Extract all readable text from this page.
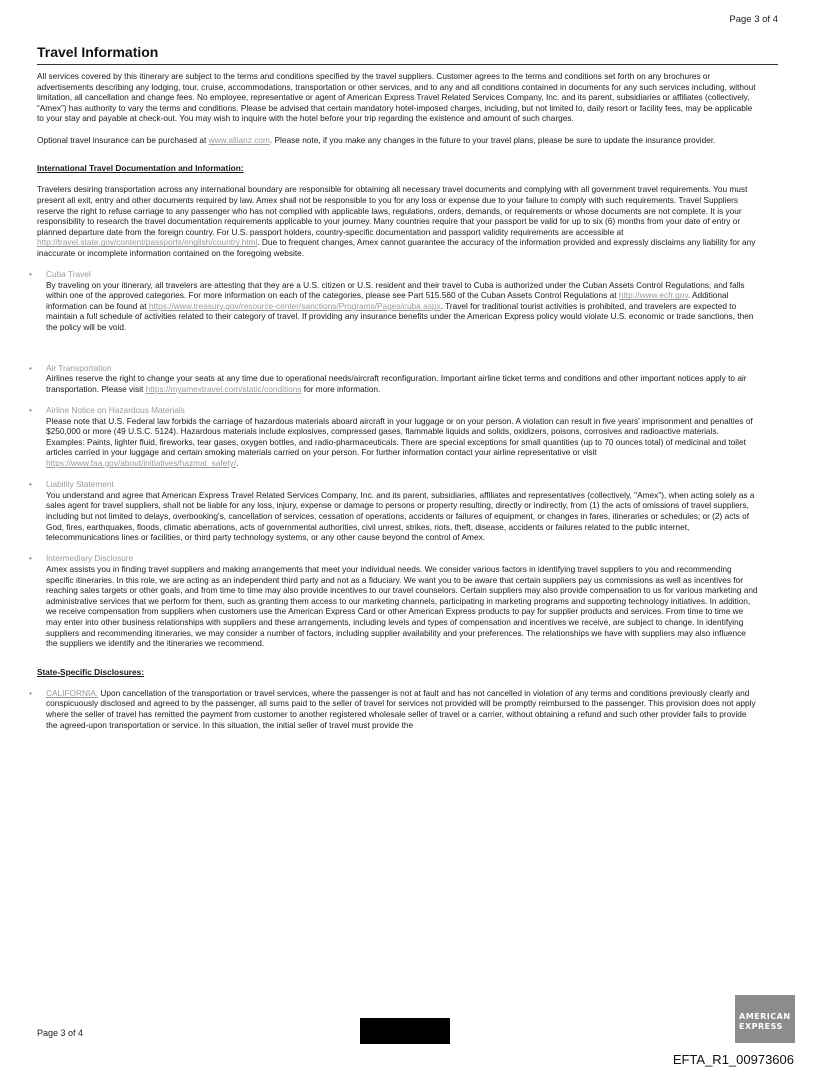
Page 3 of 4
Travel Information

All services covered by this itinerary are subject to the terms and conditions specified by the travel suppliers. Customer agrees to the terms and conditions set forth on any brochures or advertisements describing any lodging, tour, cruise, accommodations, transportation or other services, and to any and all conditions contained in documents for any such services including, without limitation, all cancellation and change fees. No employee, representative or agent of American Express Travel Related Services Company, Inc. and its parent, subsidiaries or affiliates (collectively, “Amex”) has authority to vary the terms and conditions. Please be advised that certain mandatory hotel-imposed charges, including, but not limited to, daily resort or facility fees, may be applicable to your stay and payable at check-out. You may wish to inquire with the hotel before your trip regarding the existence and amount of such charges.

Optional travel insurance can be purchased at www.allianz.com. Please note, if you make any changes in the future to your travel plans, please be sure to update the insurance provider.

International Travel Documentation and Information:

Travelers desiring transportation across any international boundary are responsible for obtaining all necessary travel documents and complying with all government travel requirements. You must present all exit, entry and other documents required by law. Amex shall not be responsible to you for any loss or expense due to your failure to comply with such requirements. Travel Suppliers reserve the right to refuse carriage to any passenger who has not complied with applicable laws, regulations, orders, demands, or requirements or whose documents are not complete. It is your responsibility to research the travel documentation requirements applicable to your journey. Many countries require that your passport be valid for up to six (6) months from your date of entry or planned departure date from the foreign country. For U.S. passport holders, country-specific documentation and passport validity requirements are accessible at http://travel.state.gov/content/passports/english/country.html. Due to frequent changes, Amex cannot guarantee the accuracy of the information provided and expressly disclaims any liability for any inaccurate or incomplete information contained on the foregoing website.

• Cuba Travel

By traveling on your itinerary, all travelers are attesting that they are a U.S. citizen or U.S. resident and their travel to Cuba is authorized under the Cuban Assets Control Regulations, and falls within one of the approved categories. For more information on each of the categories, please see Part 515.560 of the Cuban Assets Control Regulations at http://www.ecfr.gov. Additional information can be found at https://www.treasury.gov/resource-center/sanctions/Programs/Pages/cuba.aspx. Travel for traditional tourist activities is prohibited, and travelers are expected to maintain a full schedule of activities related to their category of travel. If providing any insurance benefits under the American Express policy would violate U.S. economic or trade sanctions, then the policy will be void.

• Air Transportation

Airlines reserve the right to change your seats at any time due to operational needs/aircraft reconfiguration. Important airline ticket terms and conditions and other important notices apply to air transportation. Please visit https://myamextravel.com/static/conditions for more information.

• Airline Notice on Hazardous Materials

Please note that U.S. Federal law forbids the carriage of hazardous materials aboard aircraft in your luggage or on your person. A violation can result in five years' imprisonment and penalties of $250,000 or more (49 U.S.C. 5124). Hazardous materials include explosives, compressed gases, flammable liquids and solids, oxidizers, poisons, corrosives and radioactive materials. Examples: Paints, lighter fluid, fireworks, tear gases, oxygen bottles, and radio-pharmaceuticals. There are special exceptions for small quantities (up to 70 ounces total) of medicinal and toilet articles carried in your luggage and certain smoking materials carried on your person. For further information contact your airline representative or visit https://www.faa.gov/about/initiatives/hazmat_safety/.

• Liability Statement

You understand and agree that American Express Travel Related Services Company, Inc. and its parent, subsidiaries, affiliates and representatives (collectively, "Amex"), when acting solely as a sales agent for travel suppliers, shall not be liable for any loss, injury, expense or damage to persons or property resulting, directly or indirectly, from (1) the acts of omissions of travel suppliers, including but not limited to delays, overbooking's, cancellation of services, cessation of operations, accidents or failures of equipment, or changes in fares, itineraries or schedules; or (2) acts of God, fires, earthquakes, floods, climatic aberrations, acts of governmental authorities, civil unrest, strikes, riots, theft, disease, accidents or failures related to the public internet, telecommunications lines or facilities, or third party technology systems, or any other cause beyond the control of Amex.

• Intermediary Disclosure

Amex assists you in finding travel suppliers and making arrangements that meet your individual needs. We consider various factors in identifying travel suppliers to you and recommending specific itineraries. In this role, we are acting as an independent third party and not as a fiduciary. We want you to be aware that certain suppliers pay us commissions as well as incentives for reaching sales targets or other goals, and from time to time may also provide incentives to our travel counselors. Certain suppliers may also provide compensation to us for various marketing and administrative services that we perform for them, such as granting them access to our marketing channels, participating in marketing programs and supporting technology initiatives. In addition, we receive compensation from suppliers when customers use the American Express Card or other American Express products to pay for supplier products and services. From time to time we may enter into other business relationships with suppliers and these arrangements, including levels and types of compensation and incentives we receive, are subject to change. In identifying suppliers and recommending itineraries, we may consider a number of factors, including supplier availability and your preferences. The relationships we have with suppliers may also influence the suppliers we identify and the itineraries we recommend.

State-Specific Disclosures:

• CALIFORNIA: Upon cancellation of the transportation or travel services, where the passenger is not at fault and has not cancelled in violation of any terms and conditions previously clearly and conspicuously disclosed and agreed to by the passenger, all sums paid to the seller of travel for services not provided will be promptly reimbursed to the passenger. This provision does not apply where the seller of travel has remitted the payment from customer to another registered wholesale seller of travel or a carrier, without obtaining a refund and such other provider fails to provide the agreed-upon transportation or service. In this situation, the initial seller of travel must provide the

Page 3 of 4
AMERICAN
EXPRESS
EFTA_R1_00973606
